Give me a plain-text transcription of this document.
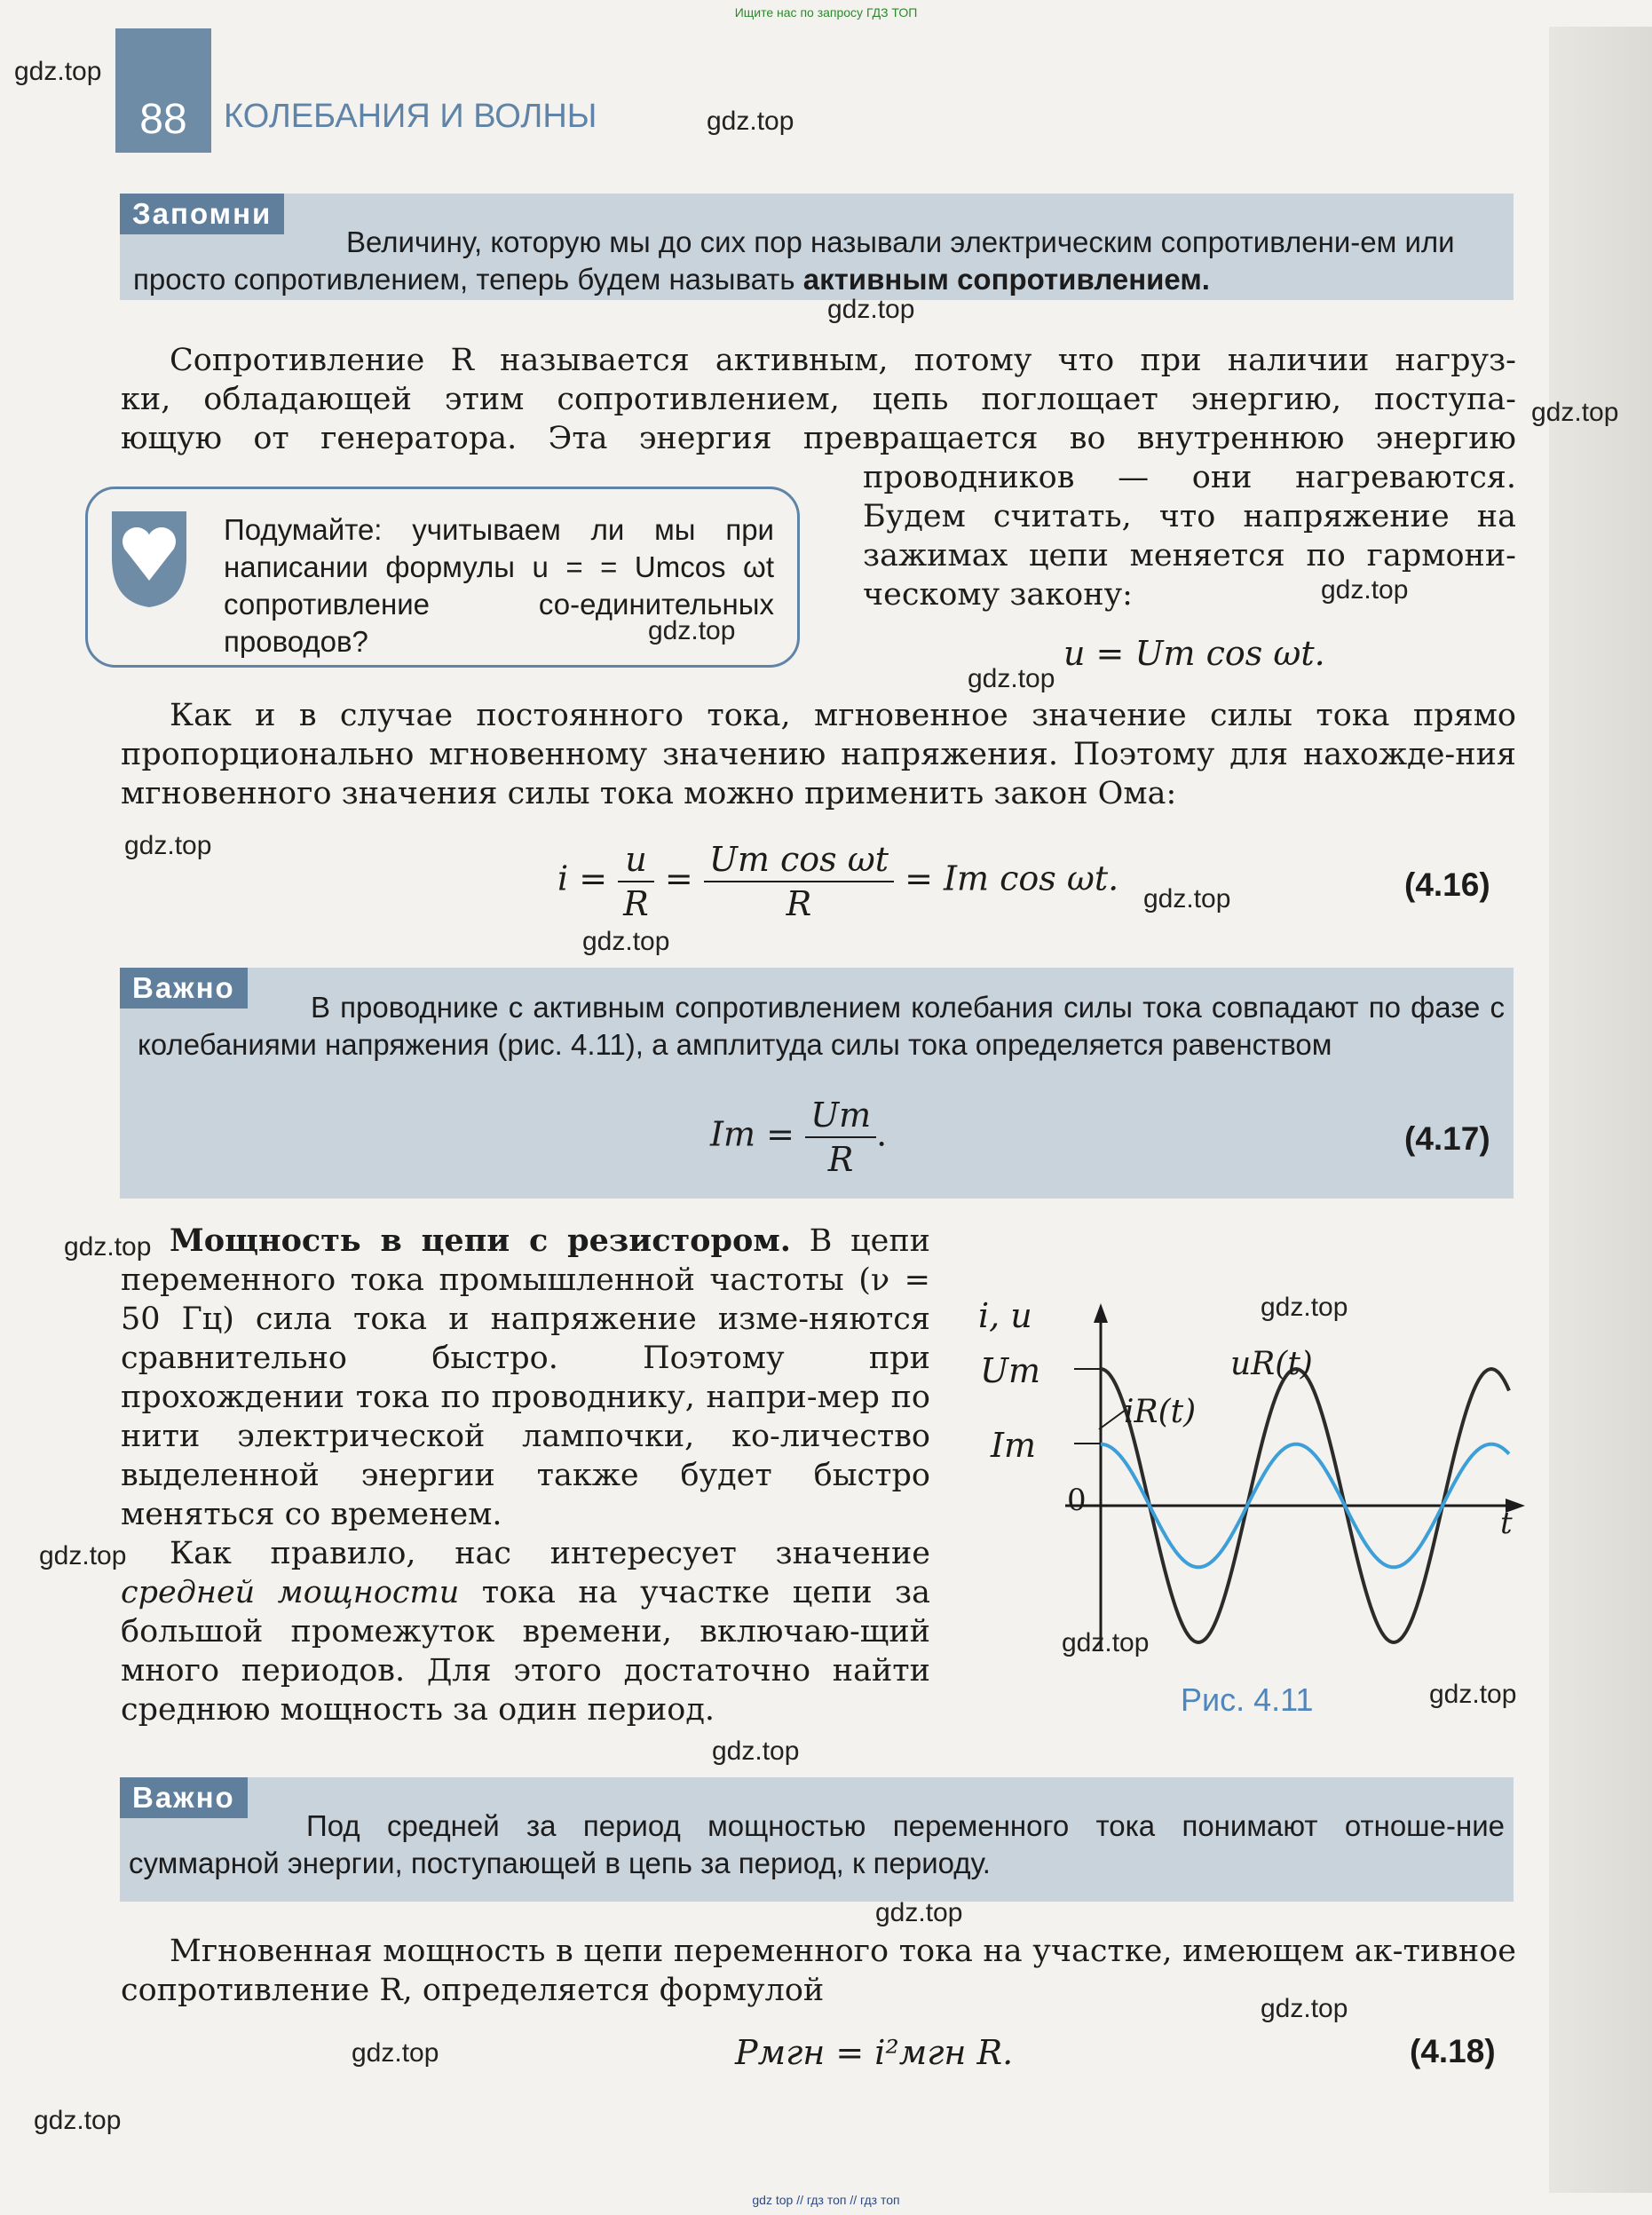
Ищите нас по запросу ГДЗ ТОП
88	КОЛЕБАНИЯ И ВОЛНЫ
Запомни
Величину, которую мы до сих пор называли электрическим сопротивлени-ем или просто сопротивлением, теперь будем называть активным сопротивлением.
Сопротивление R называется активным, потому что при наличии нагруз-
ки, обладающей этим сопротивлением, цепь поглощает энергию, поступа-
ющую от генератора. Эта энергия превращается во внутреннюю энергию
проводников — они нагреваются.
Будем считать, что напряжение на
зажимах цепи меняется по гармони-
ческому закону:
Подумайте: учитываем ли мы при написании формулы u = = Umcos ωt сопротивление со-единительных проводов?	u = Um cos ωt.
Как и в случае постоянного тока, мгновенное значение силы тока прямо пропорционально мгновенному значению напряжения. Поэтому для нахожде-ния мгновенного значения силы тока можно применить закон Ома:
$i = \frac{u}{R} = \frac{\text{Um cos ωt}}{R} = Im$ cos ωt.	(4.16)
Важно
В проводнике с активным сопротивлением колебания силы тока совпадают по фазе с колебаниями напряжения (рис. 4.11), а амплитуда силы тока определяется равенством
$Im = \frac{Um}{R}$ .	(4.17)
Мощность в цепи с резистором. В цепи переменного тока промышленной частоты (ν = 50 Гц) сила тока и напряжение изме-няются сравнительно быстро. Поэтому при прохождении тока по проводнику, напри-мер по нити электрической лампочки, ко-личество выделенной энергии также будет быстро меняться со временем.
Как правило, нас интересует значение средней мощности тока на участке цепи за большой промежуток времени, включаю-щий много периодов. Для этого достаточно найти среднюю мощность за один период.
i, u
t
Um
Im
0
uR(t)
iR(t)
Рис. 4.11
Важно
Под средней за период мощностью переменного тока понимают отноше-ние суммарной энергии, поступающей в цепь за период, к периоду.
Мгновенная мощность в цепи переменного тока на участке, имеющем ак-тивное сопротивление R, определяется формулой
Pмгн = i²мгн R.	(4.18)
gdz.top
gdz.top
gdz.top
gdz.top
gdz.top
gdz.top
gdz.top
gdz.top
gdz.top
gdz.top
gdz.top
gdz.top
gdz.top
gdz.top
gdz.top
gdz.top
gdz.top
gdz.top
gdz.top
gdz.top
gdz top // гдз топ // гдз топ
